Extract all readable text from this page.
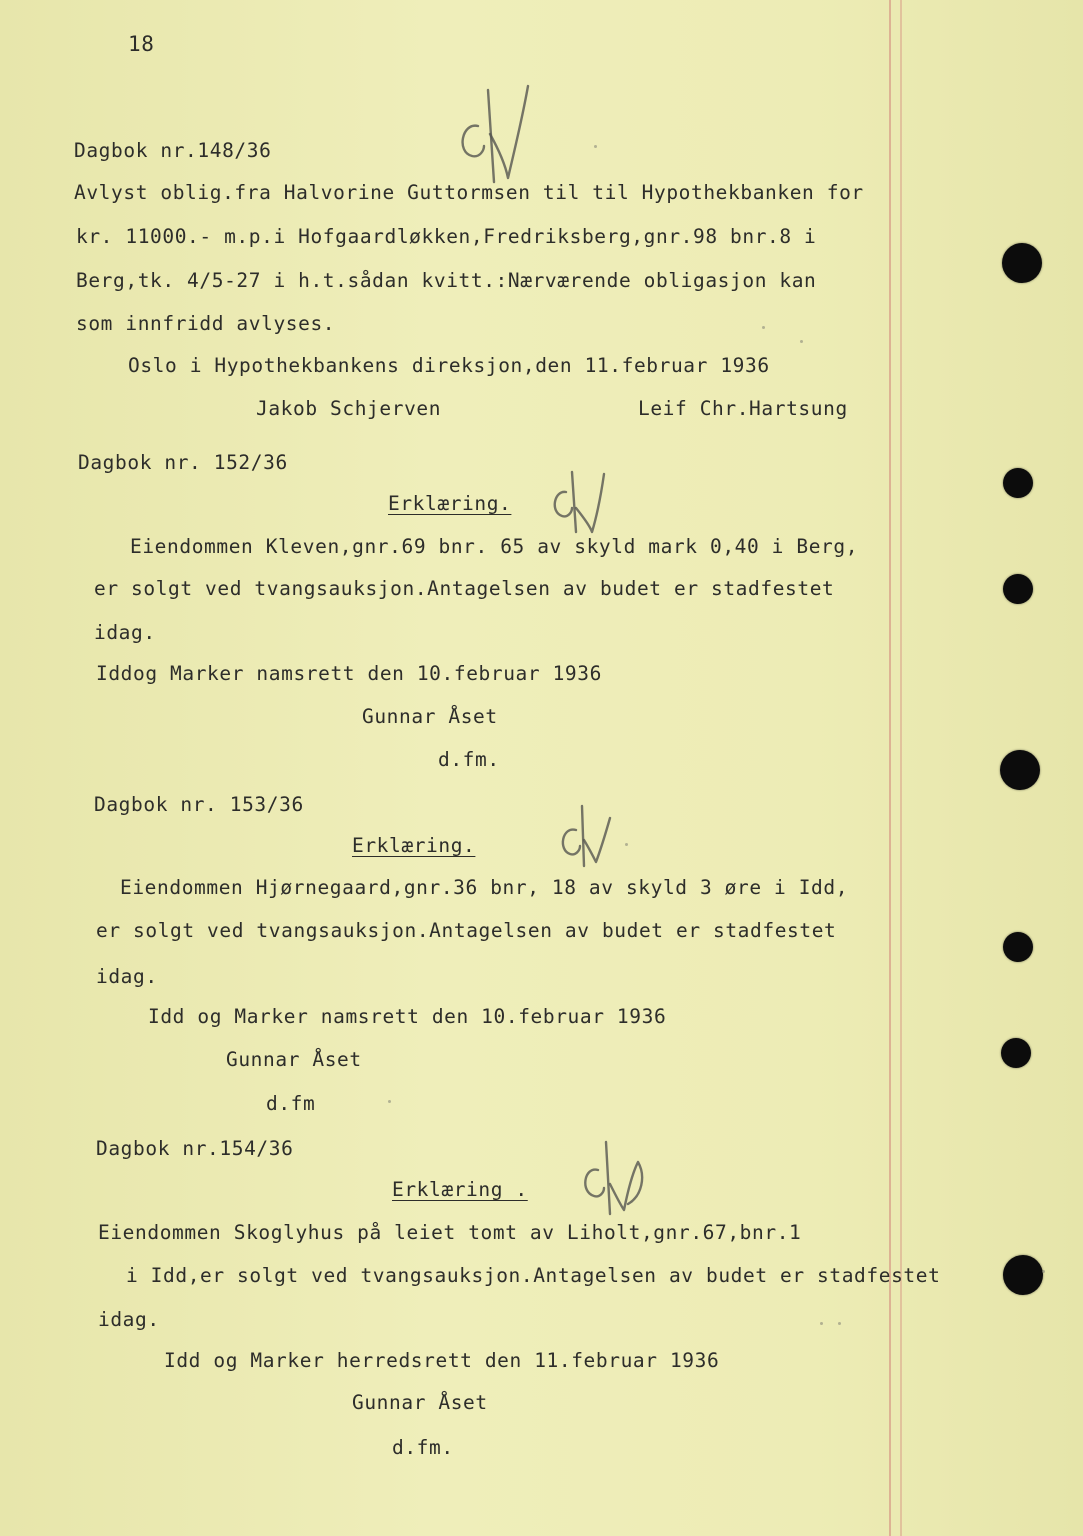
18
Dagbok nr.148/36
Avlyst oblig.fra Halvorine Guttormsen til til Hypothekbanken for
kr. 11000.- m.p.i Hofgaardløkken,Fredriksberg,gnr.98 bnr.8 i
Berg,tk. 4/5-27 i h.t.sådan kvitt.:Nærværende obligasjon kan
som innfridd avlyses.
Oslo i Hypothekbankens direksjon,den 11.februar 1936
Jakob Schjerven	Leif Chr.Hartsung
Dagbok nr. 152/36
Erklæring.
Eiendommen Kleven,gnr.69 bnr. 65 av skyld mark 0,40 i Berg,
er solgt ved tvangsauksjon.Antagelsen av budet er stadfestet
idag.
Iddog Marker namsrett den 10.februar 1936
Gunnar Åset
d.fm.
Dagbok nr. 153/36
Erklæring.
Eiendommen Hjørnegaard,gnr.36 bnr, 18 av skyld 3 øre i Idd,
er solgt ved tvangsauksjon.Antagelsen av budet er stadfestet
idag.
Idd og Marker namsrett den 10.februar 1936
Gunnar Åset
d.fm
Dagbok nr.154/36
Erklæring .
Eiendommen Skoglyhus på leiet tomt av Liholt,gnr.67,bnr.1
i Idd,er solgt ved tvangsauksjon.Antagelsen av budet er stadfestet
idag.
Idd og Marker herredsrett den 11.februar 1936
Gunnar Åset
d.fm.
